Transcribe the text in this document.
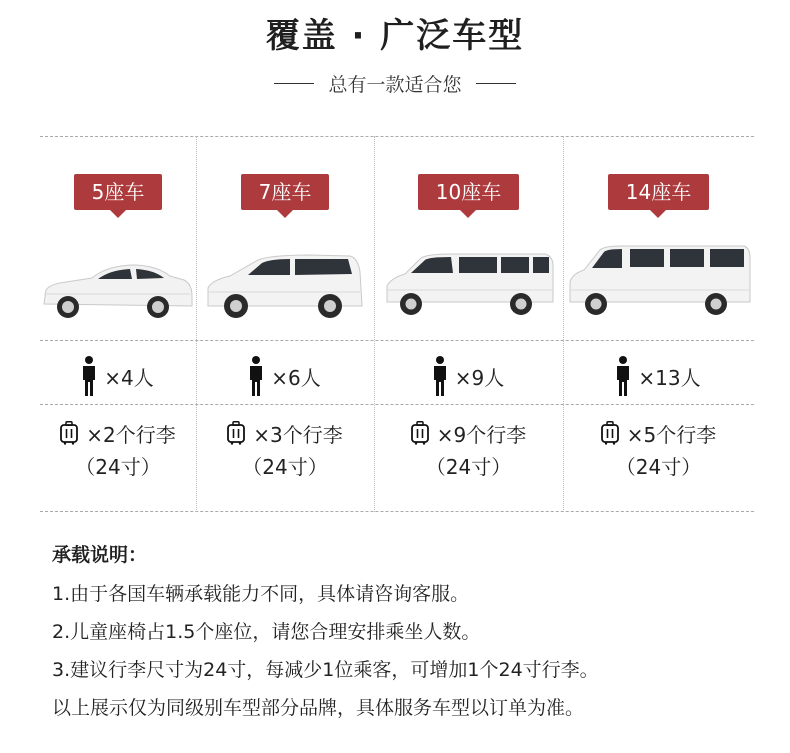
覆盖 · 广泛车型
总有一款适合您
5座车
×4人
×2个行李
（24寸）
7座车
×6人
×3个行李
（24寸）
10座车
×9人
×9个行李
（24寸）
14座车
×13人
×5个行李
（24寸）
承载说明：
1.由于各国车辆承载能力不同，具体请咨询客服。
2.儿童座椅占1.5个座位，请您合理安排乘坐人数。
3.建议行李尺寸为24寸，每减少1位乘客，可增加1个24寸行李。
以上展示仅为同级别车型部分品牌，具体服务车型以订单为准。
